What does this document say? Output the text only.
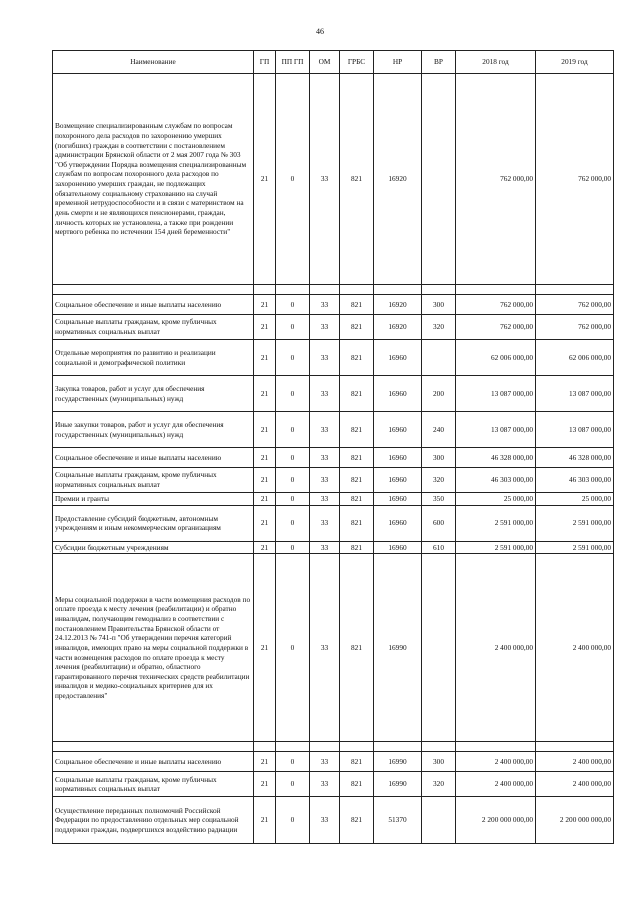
46
Наименование	ГП	ПП ГП	ОМ	ГРБС	НР	ВР	2018 год	2019 год
Возмещение специализированным службам по вопросам похоронного дела расходов по захоронению умерших (погибших) граждан в соответствии с постановлением администрации Брянской области от 2 мая 2007 года № 303 "Об утверждении Порядка возмещения специализированным службам по вопросам похоронного дела расходов по захоронению умерших граждан, не подлежащих обязательному социальному страхованию на случай временной нетрудоспособности и в связи с материнством на день смерти и не являющихся пенсионерами, граждан, личность которых не установлена, а также при рождении мертвого ребенка по истечении 154 дней беременности"	21	0	33	821	16920		762 000,00	762 000,00

Социальное обеспечение и иные выплаты населению	21	0	33	821	16920	300	762 000,00	762 000,00
Социальные выплаты гражданам, кроме публичных нормативных социальных выплат	21	0	33	821	16920	320	762 000,00	762 000,00
Отдельные мероприятия по развитию и реализации социальной и демографической политики	21	0	33	821	16960		62 006 000,00	62 006 000,00
Закупка товаров, работ и услуг для обеспечения государственных (муниципальных) нужд	21	0	33	821	16960	200	13 087 000,00	13 087 000,00
Иные закупки товаров, работ и услуг для обеспечения государственных (муниципальных) нужд	21	0	33	821	16960	240	13 087 000,00	13 087 000,00
Социальное обеспечение и иные выплаты населению	21	0	33	821	16960	300	46 328 000,00	46 328 000,00
Социальные выплаты гражданам, кроме публичных нормативных социальных выплат	21	0	33	821	16960	320	46 303 000,00	46 303 000,00
Премии и гранты	21	0	33	821	16960	350	25 000,00	25 000,00
Предоставление субсидий бюджетным, автономным учреждениям и иным некоммерческим организациям	21	0	33	821	16960	600	2 591 000,00	2 591 000,00
Субсидии бюджетным учреждениям	21	0	33	821	16960	610	2 591 000,00	2 591 000,00
Меры социальной поддержки в части возмещения расходов по оплате проезда к месту лечения (реабилитации) и обратно инвалидам, получающим гемодиализ в соответствии с постановлением Правительства Брянской области от 24.12.2013 № 741-п "Об утверждении перечня категорий инвалидов, имеющих право на меры социальной поддержки в части возмещения расходов по оплате проезда к месту лечения (реабилитации) и обратно, областного гарантированного перечня технических средств реабилитации инвалидов и медико-социальных критериев для их предоставления"	21	0	33	821	16990		2 400 000,00	2 400 000,00

Социальное обеспечение и иные выплаты населению	21	0	33	821	16990	300	2 400 000,00	2 400 000,00
Социальные выплаты гражданам, кроме публичных нормативных социальных выплат	21	0	33	821	16990	320	2 400 000,00	2 400 000,00
Осуществление переданных полномочий Российской Федерации по предоставлению отдельных мер социальной поддержки граждан, подвергшихся воздействию радиации	21	0	33	821	51370		2 200 000 000,00	2 200 000 000,00
